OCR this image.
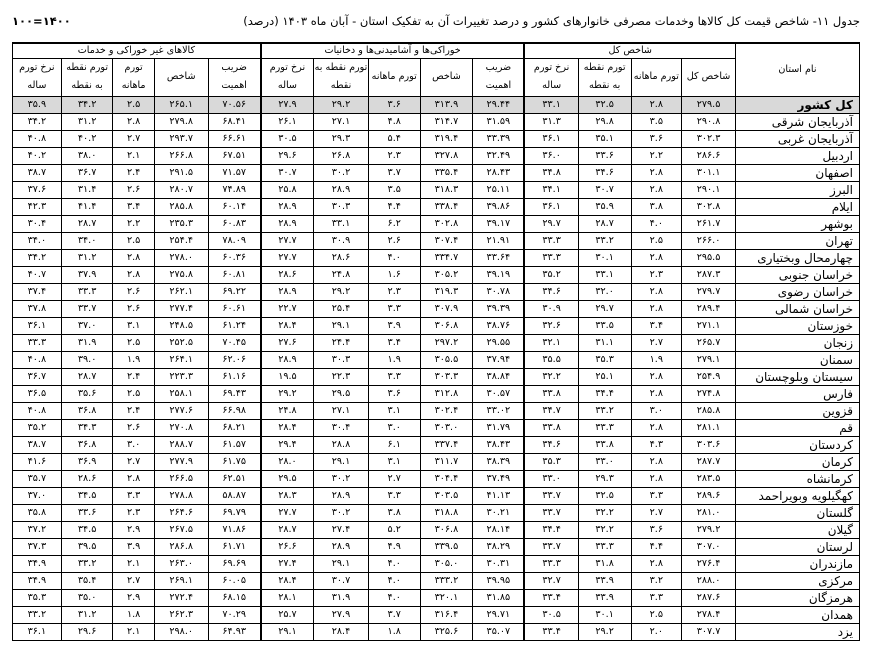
جدول ۱۱- شاخص قیمت کل کالاها وخدمات مصرفی خانوارهای کشور و درصد تغییرات آن به تفکیک استان - آبان ماه ۱۴۰۳ (درصد)
۱۰۰=۱۴۰۰
نام استان	شاخص کل				خوراکی‌ها و آشامیدنی‌ها و دخانیات					کالاهای غیر خوراکی و خدمات				
	شاخص کل	تورم ماهانه	تورم نقطه به نقطه	نرخ تورم ساله	ضریب اهمیت	شاخص	تورم ماهانه	تورم نقطه به نقطه	نرخ تورم ساله	ضریب اهمیت	شاخص	تورم ماهانه	تورم نقطه به نقطه	نرخ تورم ساله
کل کشور	۲۷۹.۵	۲.۸	۳۲.۵	۳۳.۱	۲۹.۴۴	۳۱۳.۹	۳.۶	۲۹.۲	۲۷.۹	۷۰.۵۶	۲۶۵.۱	۲.۵	۳۴.۲	۳۵.۹
آذربایجان شرقی	۲۹۰.۸	۳.۵	۲۹.۸	۳۱.۳	۳۱.۵۹	۳۱۴.۷	۴.۸	۲۷.۱	۲۶.۱	۶۸.۴۱	۲۷۹.۸	۲.۸	۳۱.۲	۳۴.۲
آذربایجان غربی	۳۰۲.۳	۳.۶	۳۵.۱	۳۶.۱	۳۳.۳۹	۳۱۹.۴	۵.۴	۲۹.۳	۳۰.۵	۶۶.۶۱	۲۹۳.۷	۲.۷	۴۰.۲	۴۰.۸
اردبیل	۲۸۶.۶	۲.۲	۳۳.۶	۳۶.۰	۳۲.۴۹	۳۲۷.۸	۲.۳	۲۶.۸	۲۹.۶	۶۷.۵۱	۲۶۶.۸	۲.۱	۳۸.۰	۴۰.۲
اصفهان	۳۰۱.۱	۲.۸	۳۴.۶	۳۴.۸	۲۸.۴۳	۳۳۵.۴	۳.۷	۳۰.۲	۳۰.۷	۷۱.۵۷	۲۹۱.۵	۲.۴	۳۶.۷	۳۸.۷
البرز	۲۹۰.۱	۲.۸	۳۰.۷	۳۴.۱	۲۵.۱۱	۳۱۸.۳	۳.۵	۲۸.۹	۲۵.۸	۷۴.۸۹	۲۸۰.۷	۲.۶	۳۱.۴	۳۷.۶
ایلام	۳۰۲.۸	۳.۸	۳۵.۹	۳۶.۱	۳۹.۸۶	۳۳۸.۴	۴.۴	۳۰.۳	۲۸.۹	۶۰.۱۴	۲۸۵.۸	۳.۴	۴۱.۴	۴۲.۳
بوشهر	۲۶۱.۷	۴.۰	۲۸.۷	۲۹.۷	۳۹.۱۷	۳۰۲.۸	۶.۲	۳۳.۱	۲۸.۹	۶۰.۸۳	۲۳۵.۳	۲.۲	۲۸.۷	۳۰.۴
تهران	۲۶۶.۰	۲.۵	۳۳.۲	۳۳.۳	۲۱.۹۱	۳۰۷.۴	۲.۶	۳۰.۹	۲۷.۷	۷۸.۰۹	۲۵۴.۴	۲.۵	۳۴.۰	۳۴.۰
چهارمحال وبختیاری	۲۹۵.۵	۲.۸	۳۰.۱	۳۳.۳	۳۳.۶۴	۳۳۴.۷	۴.۰	۲۸.۶	۲۷.۷	۶۰.۳۶	۲۷۸.۰	۲.۸	۳۱.۲	۳۴.۲
خراسان جنوبی	۲۸۷.۳	۲.۳	۳۳.۱	۳۵.۲	۳۹.۱۹	۳۰۵.۲	۱.۶	۲۴.۸	۲۸.۶	۶۰.۸۱	۲۷۵.۸	۲.۸	۳۷.۹	۴۰.۷
خراسان رضوی	۲۷۹.۷	۲.۸	۳۲.۰	۳۴.۶	۳۰.۷۸	۳۱۹.۳	۲.۳	۲۹.۲	۲۸.۹	۶۹.۲۲	۲۶۲.۱	۲.۶	۳۳.۳	۳۷.۴
خراسان شمالی	۲۸۹.۴	۲.۸	۲۹.۷	۳۰.۹	۳۹.۳۹	۳۰۷.۹	۳.۳	۲۵.۴	۲۲.۷	۶۰.۶۱	۲۷۷.۴	۲.۶	۳۳.۷	۳۷.۸
خوزستان	۲۷۱.۱	۳.۴	۳۳.۵	۳۲.۶	۳۸.۷۶	۳۰۶.۸	۳.۹	۲۹.۱	۲۸.۴	۶۱.۲۴	۲۴۸.۵	۳.۱	۳۷.۰	۳۶.۱
زنجان	۲۶۵.۷	۲.۷	۳۱.۱	۳۲.۱	۲۹.۵۵	۲۹۷.۲	۳.۴	۲۴.۴	۲۷.۶	۷۰.۴۵	۲۵۲.۵	۲.۵	۳۱.۹	۳۳.۳
سمنان	۲۷۹.۱	۱.۹	۳۵.۳	۳۵.۵	۳۷.۹۴	۳۰۵.۵	۱.۹	۳۰.۳	۲۸.۹	۶۲.۰۶	۲۶۴.۱	۱.۹	۳۹.۰	۴۰.۸
سیستان وبلوچستان	۲۵۴.۹	۲.۸	۲۵.۱	۳۲.۲	۳۸.۸۴	۳۰۳.۳	۳.۳	۲۲.۳	۱۹.۵	۶۱.۱۶	۲۲۳.۳	۲.۴	۲۸.۷	۳۶.۷
فارس	۲۷۴.۸	۲.۸	۳۴.۴	۳۳.۸	۳۰.۵۷	۳۱۲.۸	۳.۶	۲۹.۵	۲۹.۲	۶۹.۴۳	۲۵۸.۱	۲.۵	۳۵.۶	۳۶.۵
قزوین	۲۸۵.۸	۳.۰	۳۳.۲	۳۴.۷	۳۳.۰۲	۳۰۲.۴	۳.۱	۲۷.۱	۲۴.۸	۶۶.۹۸	۲۷۷.۶	۲.۴	۳۶.۸	۴۰.۸
قم	۲۸۱.۱	۲.۸	۳۳.۳	۳۳.۸	۳۱.۷۹	۳۰۳.۰	۳.۰	۳۰.۴	۲۸.۴	۶۸.۲۱	۲۷۰.۸	۲.۶	۳۴.۳	۳۵.۲
کردستان	۳۰۳.۶	۴.۳	۳۳.۸	۳۴.۶	۳۸.۴۳	۳۳۷.۴	۶.۱	۲۸.۸	۲۹.۴	۶۱.۵۷	۲۸۸.۷	۳.۰	۳۶.۸	۳۸.۷
کرمان	۲۸۷.۷	۲.۸	۳۳.۰	۳۵.۳	۳۸.۳۹	۳۱۱.۷	۳.۱	۲۹.۱	۲۸.۰	۶۱.۷۵	۲۷۷.۹	۲.۷	۳۶.۹	۴۱.۶
کرمانشاه	۲۸۳.۵	۲.۸	۲۹.۳	۳۳.۰	۳۷.۴۹	۳۰۴.۴	۲.۷	۳۰.۲	۲۹.۵	۶۲.۵۱	۲۶۶.۵	۲.۸	۲۸.۶	۳۵.۷
کهگیلویه وبویراحمد	۲۸۹.۶	۳.۳	۳۲.۵	۳۳.۷	۴۱.۱۳	۳۰۳.۵	۳.۳	۲۸.۹	۲۸.۳	۵۸.۸۷	۲۷۸.۸	۳.۳	۳۴.۵	۳۷.۰
گلستان	۲۸۱.۰	۲.۷	۳۲.۲	۳۳.۷	۳۰.۲۱	۳۱۸.۸	۳.۸	۳۰.۲	۲۷.۷	۶۹.۷۹	۲۶۴.۶	۲.۳	۳۳.۶	۳۵.۸
گیلان	۲۷۹.۲	۳.۶	۳۲.۲	۳۴.۴	۲۸.۱۴	۳۰۶.۸	۵.۲	۲۷.۴	۲۸.۷	۷۱.۸۶	۲۶۷.۵	۲.۹	۳۴.۵	۳۷.۲
لرستان	۳۰۷.۰	۴.۴	۳۳.۳	۳۳.۷	۳۸.۲۹	۳۳۹.۵	۴.۹	۲۸.۹	۲۶.۶	۶۱.۷۱	۲۸۶.۸	۳.۹	۳۹.۵	۳۷.۳
مازندران	۲۷۶.۴	۲.۸	۳۱.۸	۳۳.۳	۳۰.۳۱	۳۰۵.۰	۴.۰	۲۹.۱	۲۷.۴	۶۹.۶۹	۲۶۳.۰	۲.۱	۳۳.۲	۳۴.۹
مرکزی	۲۸۸.۰	۳.۲	۳۳.۹	۳۲.۷	۳۹.۹۵	۳۳۳.۲	۴.۰	۳۰.۷	۲۸.۴	۶۰.۰۵	۲۶۹.۱	۲.۷	۳۵.۴	۳۴.۹
هرمزگان	۲۸۷.۶	۳.۳	۳۳.۹	۳۳.۴	۳۱.۸۵	۳۲۰.۱	۴.۰	۳۱.۹	۲۸.۱	۶۸.۱۵	۲۷۲.۴	۲.۹	۳۵.۰	۳۵.۳
همدان	۲۷۸.۴	۲.۵	۳۰.۱	۳۰.۵	۲۹.۷۱	۳۱۶.۴	۳.۷	۲۷.۹	۲۵.۷	۷۰.۲۹	۲۶۲.۳	۱.۸	۳۱.۲	۳۳.۲
یزد	۳۰۷.۷	۲.۰	۲۹.۲	۳۳.۴	۳۵.۰۷	۳۲۵.۶	۱.۸	۲۸.۴	۲۹.۱	۶۴.۹۳	۲۹۸.۰	۲.۱	۲۹.۶	۳۶.۱
